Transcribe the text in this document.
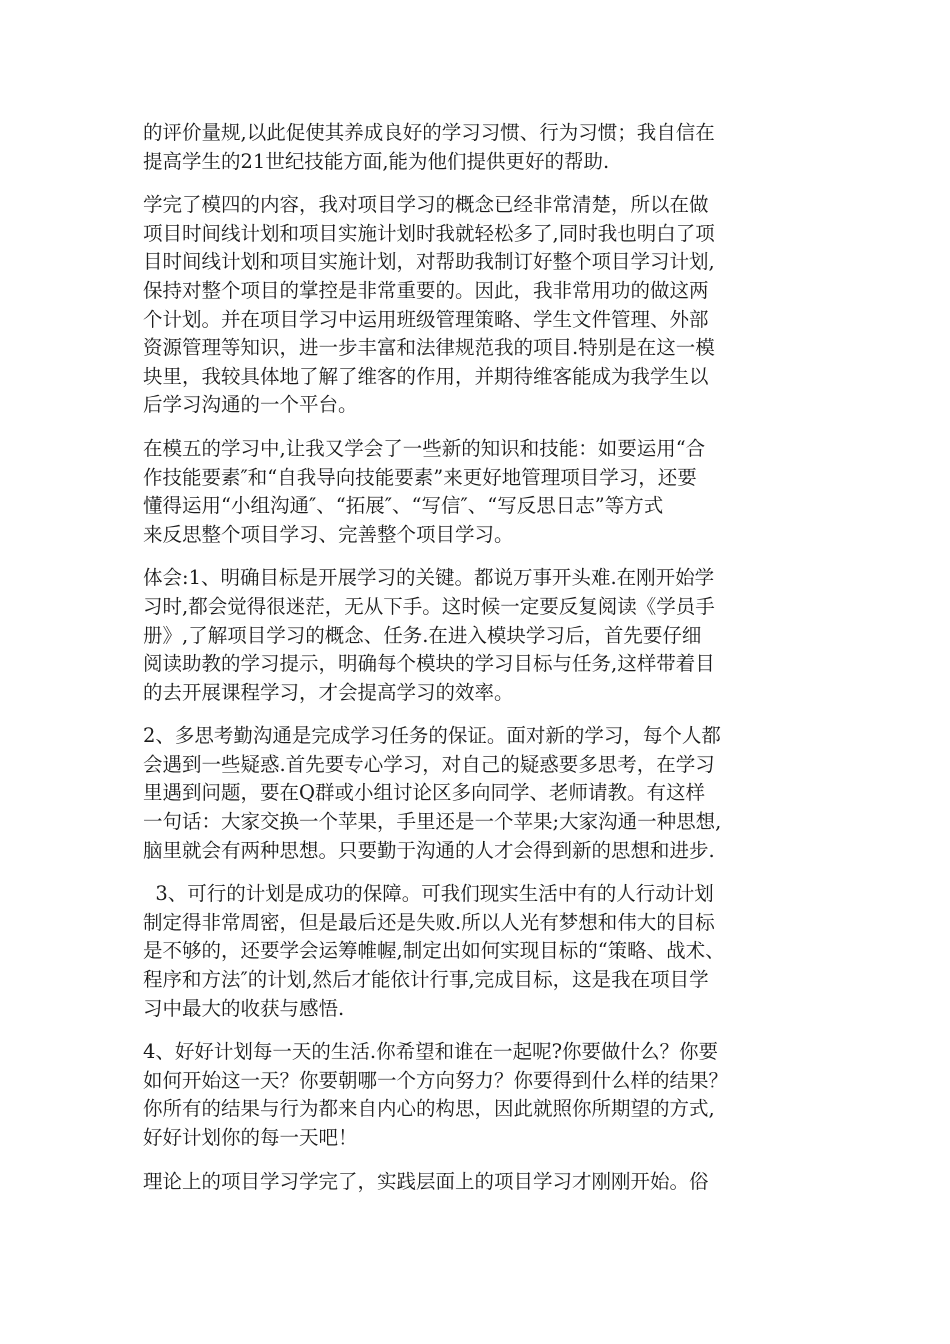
的评价量规,以此促使其养成良好的学习习惯、行为习惯；我自信在
提高学生的21世纪技能方面,能为他们提供更好的帮助.
学完了模四的内容，我对项目学习的概念已经非常清楚，所以在做
项目时间线计划和项目实施计划时我就轻松多了,同时我也明白了项
目时间线计划和项目实施计划，对帮助我制订好整个项目学习计划,
保持对整个项目的掌控是非常重要的。因此，我非常用功的做这两
个计划。并在项目学习中运用班级管理策略、学生文件管理、外部
资源管理等知识，进一步丰富和法律规范我的项目.特别是在这一模
块里，我较具体地了解了维客的作用，并期待维客能成为我学生以
后学习沟通的一个平台。
在模五的学习中,让我又学会了一些新的知识和技能：如要运用“合
作技能要素″和“自我导向技能要素”来更好地管理项目学习，还要
懂得运用“小组沟通″、“拓展″、“写信″、“写反思日志”等方式
来反思整个项目学习、完善整个项目学习。
体会:1、明确目标是开展学习的关键。都说万事开头难.在刚开始学
习时,都会觉得很迷茫，无从下手。这时候一定要反复阅读《学员手
册》,了解项目学习的概念、任务.在进入模块学习后，首先要仔细
阅读助教的学习提示，明确每个模块的学习目标与任务,这样带着目
的去开展课程学习，才会提高学习的效率。
2、多思考勤沟通是完成学习任务的保证。面对新的学习，每个人都
会遇到一些疑惑.首先要专心学习，对自己的疑惑要多思考，在学习
里遇到问题，要在Q群或小组讨论区多向同学、老师请教。有这样
一句话：大家交换一个苹果，手里还是一个苹果;大家沟通一种思想,
脑里就会有两种思想。只要勤于沟通的人才会得到新的思想和进步.
3、可行的计划是成功的保障。可我们现实生活中有的人行动计划
制定得非常周密，但是最后还是失败.所以人光有梦想和伟大的目标
是不够的，还要学会运筹帷幄,制定出如何实现目标的“策略、战术、
程序和方法″的计划,然后才能依计行事,完成目标，这是我在项目学
习中最大的收获与感悟.
4、好好计划每一天的生活.你希望和谁在一起呢?你要做什么？你要
如何开始这一天？你要朝哪一个方向努力？你要得到什么样的结果？
你所有的结果与行为都来自内心的构思，因此就照你所期望的方式,
好好计划你的每一天吧！
理论上的项目学习学完了，实践层面上的项目学习才刚刚开始。俗
